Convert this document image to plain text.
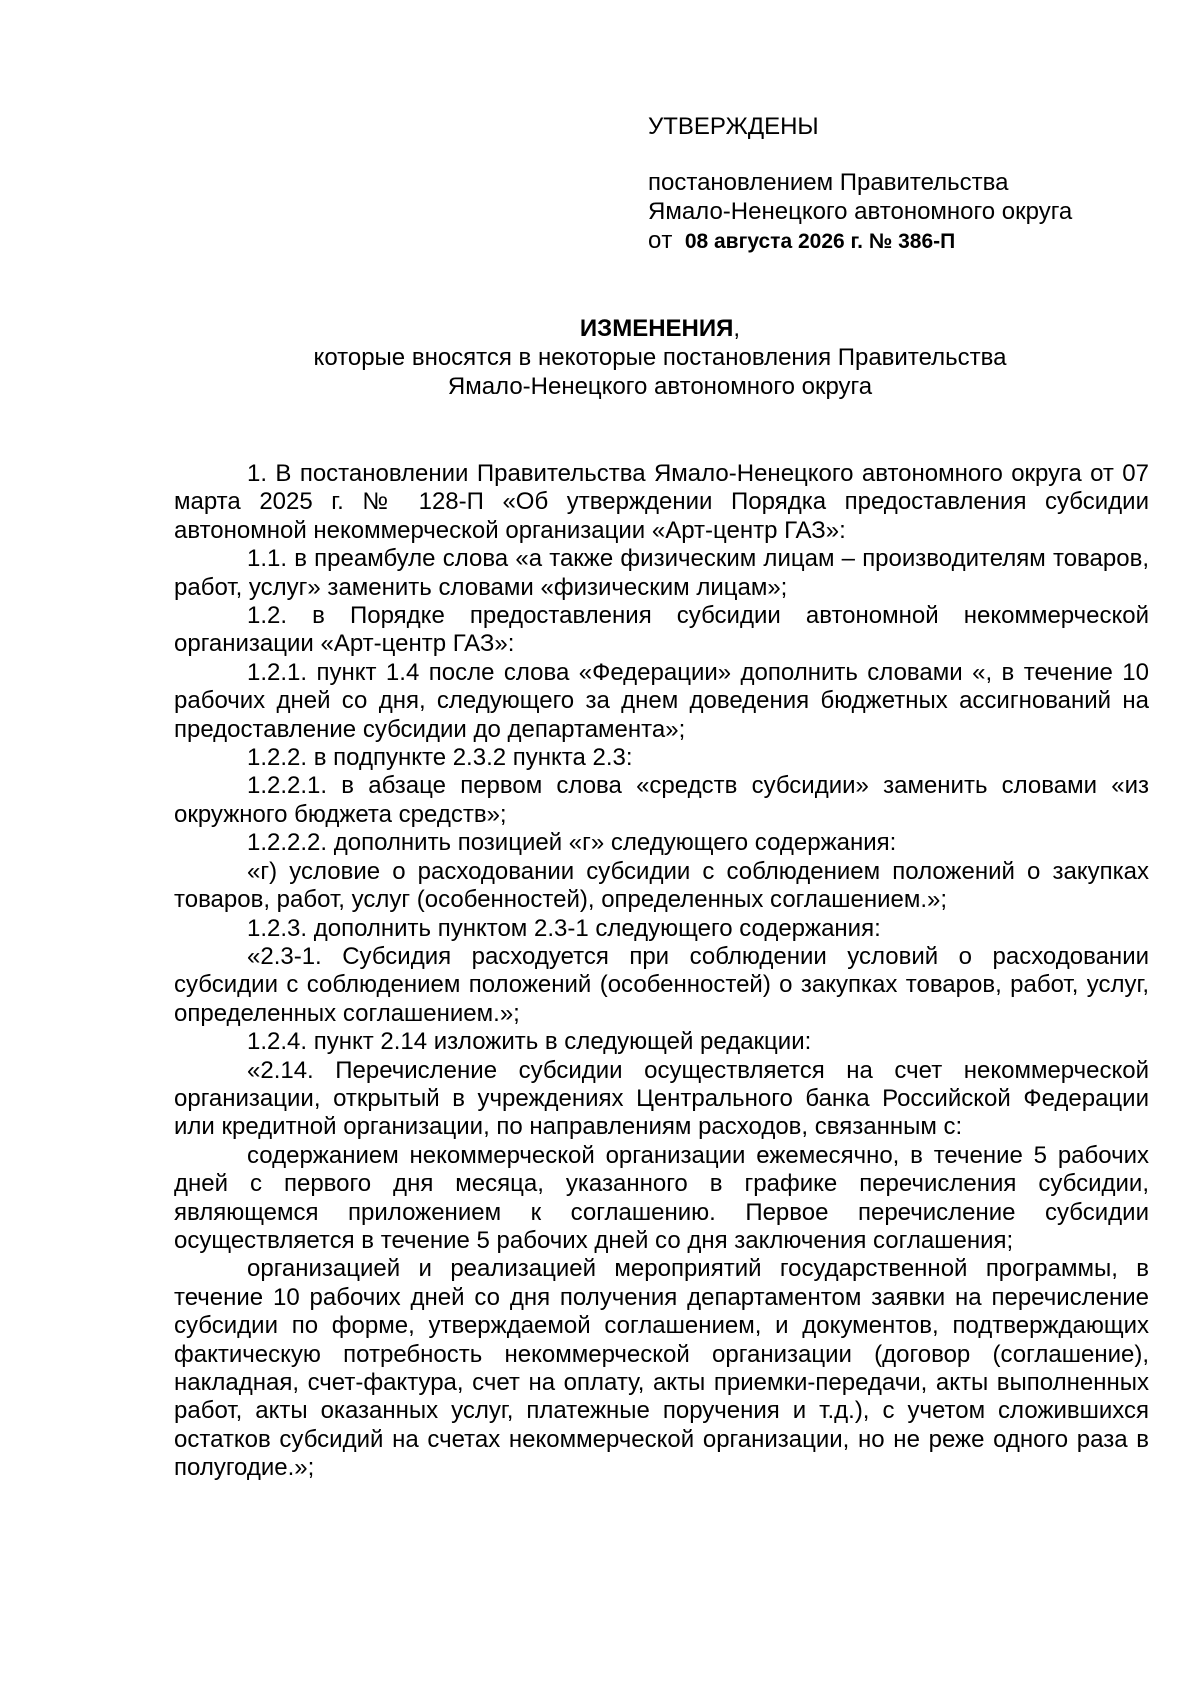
УТВЕРЖДЕНЫ
постановлением Правительства
Ямало-Ненецкого автономного округа
от 08 августа 2026 г. № 386-П
ИЗМЕНЕНИЯ,
которые вносятся в некоторые постановления Правительства
Ямало-Ненецкого автономного округа

1. В постановлении Правительства Ямало-Ненецкого автономного округа от 07 марта 2025 г. № 128-П «Об утверждении Порядка предоставления субсидии автономной некоммерческой организации «Арт-центр ГАЗ»:

1.1. в преамбуле слова «а также физическим лицам – производителям товаров, работ, услуг» заменить словами «физическим лицам»;

1.2. в Порядке предоставления субсидии автономной некоммерческой организации «Арт-центр ГАЗ»:

1.2.1. пункт 1.4 после слова «Федерации» дополнить словами «, в течение 10 рабочих дней со дня, следующего за днем доведения бюджетных ассигнований на предоставление субсидии до департамента»;

1.2.2. в подпункте 2.3.2 пункта 2.3:

1.2.2.1. в абзаце первом слова «средств субсидии» заменить словами «из окружного бюджета средств»;

1.2.2.2. дополнить позицией «г» следующего содержания:

«г) условие о расходовании субсидии с соблюдением положений о закупках товаров, работ, услуг (особенностей), определенных соглашением.»;

1.2.3. дополнить пунктом 2.3-1 следующего содержания:

«2.3-1. Субсидия расходуется при соблюдении условий о расходовании субсидии с соблюдением положений (особенностей) о закупках товаров, работ, услуг, определенных соглашением.»;

1.2.4. пункт 2.14 изложить в следующей редакции:

«2.14. Перечисление субсидии осуществляется на счет некоммерческой организации, открытый в учреждениях Центрального банка Российской Федерации или кредитной организации, по направлениям расходов, связанным с:

содержанием некоммерческой организации ежемесячно, в течение 5 рабочих дней с первого дня месяца, указанного в графике перечисления субсидии, являющемся приложением к соглашению. Первое перечисление субсидии осуществляется в течение 5 рабочих дней со дня заключения соглашения;

организацией и реализацией мероприятий государственной программы, в течение 10 рабочих дней со дня получения департаментом заявки на перечисление субсидии по форме, утверждаемой соглашением, и документов, подтверждающих фактическую потребность некоммерческой организации (договор (соглашение), накладная, счет-фактура, счет на оплату, акты приемки-передачи, акты выполненных работ, акты оказанных услуг, платежные поручения и т.д.), с учетом сложившихся остатков субсидий на счетах некоммерческой организации, но не реже одного раза в полугодие.»;
